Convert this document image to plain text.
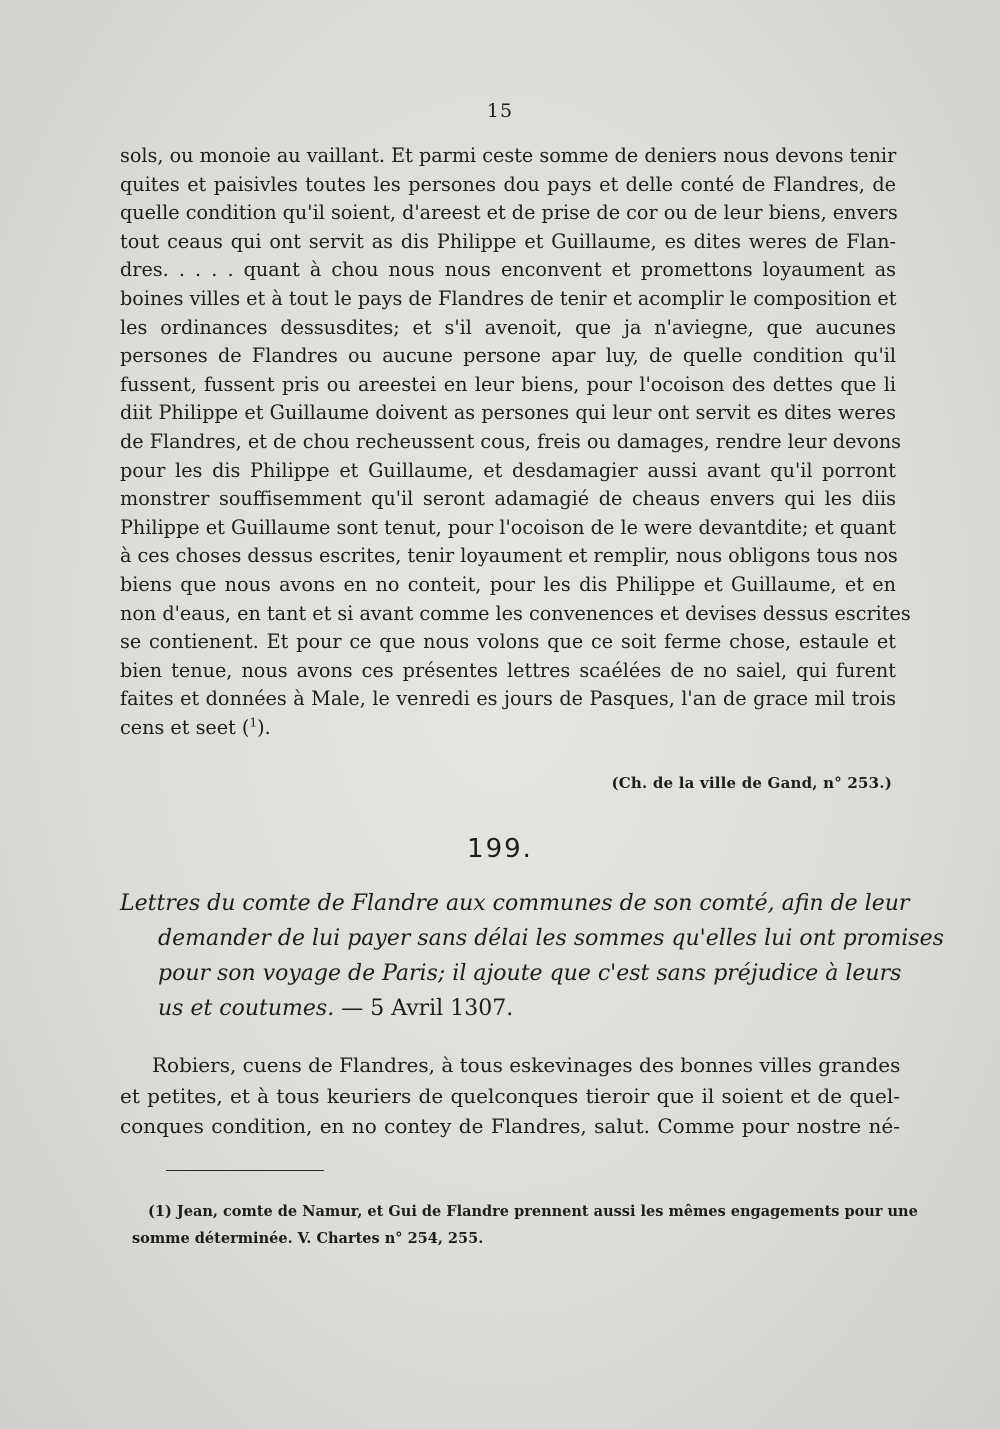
15
sols, ou monoie au vaillant. Et parmi ceste somme de deniers nous devons tenir
quites et paisivles toutes les persones dou pays et delle conté de Flandres, de
quelle condition qu'il soient, d'areest et de prise de cor ou de leur biens, envers
tout ceaus qui ont servit as dis Philippe et Guillaume, es dites weres de Flan-
dres. . . . . quant à chou nous nous enconvent et promettons loyaument as
boines villes et à tout le pays de Flandres de tenir et acomplir le composition et
les ordinances dessusdites; et s'il avenoit, que ja n'aviegne, que aucunes
persones de Flandres ou aucune persone apar luy, de quelle condition qu'il
fussent, fussent pris ou areestei en leur biens, pour l'ocoison des dettes que li
diit Philippe et Guillaume doivent as persones qui leur ont servit es dites weres
de Flandres, et de chou recheussent cous, freis ou damages, rendre leur devons
pour les dis Philippe et Guillaume, et desdamagier aussi avant qu'il porront
monstrer souffisemment qu'il seront adamagié de cheaus envers qui les diis
Philippe et Guillaume sont tenut, pour l'ocoison de le were devantdite; et quant
à ces choses dessus escrites, tenir loyaument et remplir, nous obligons tous nos
biens que nous avons en no conteit, pour les dis Philippe et Guillaume, et en
non d'eaus, en tant et si avant comme les convenences et devises dessus escrites
se contienent. Et pour ce que nous volons que ce soit ferme chose, estaule et
bien tenue, nous avons ces présentes lettres scaélées de no saiel, qui furent
faites et données à Male, le venredi es jours de Pasques, l'an de grace mil trois
cens et seet ($^1$).
(Ch. de la ville de Gand, n° 253.)
199.
Lettres du comte de Flandre aux communes de son comté, afin de leur
demander de lui payer sans délai les sommes qu'elles lui ont promises
pour son voyage de Paris; il ajoute que c'est sans préjudice à leurs
us et coutumes. — 5 Avril 1307.
Robiers, cuens de Flandres, à tous eskevinages des bonnes villes grandes
et petites, et à tous keuriers de quelconques tieroir que il soient et de quel-
conques condition, en no contey de Flandres, salut. Comme pour nostre né-
(1) Jean, comte de Namur, et Gui de Flandre prennent aussi les mêmes engagements pour une
somme déterminée. V. Chartes n° 254, 255.
